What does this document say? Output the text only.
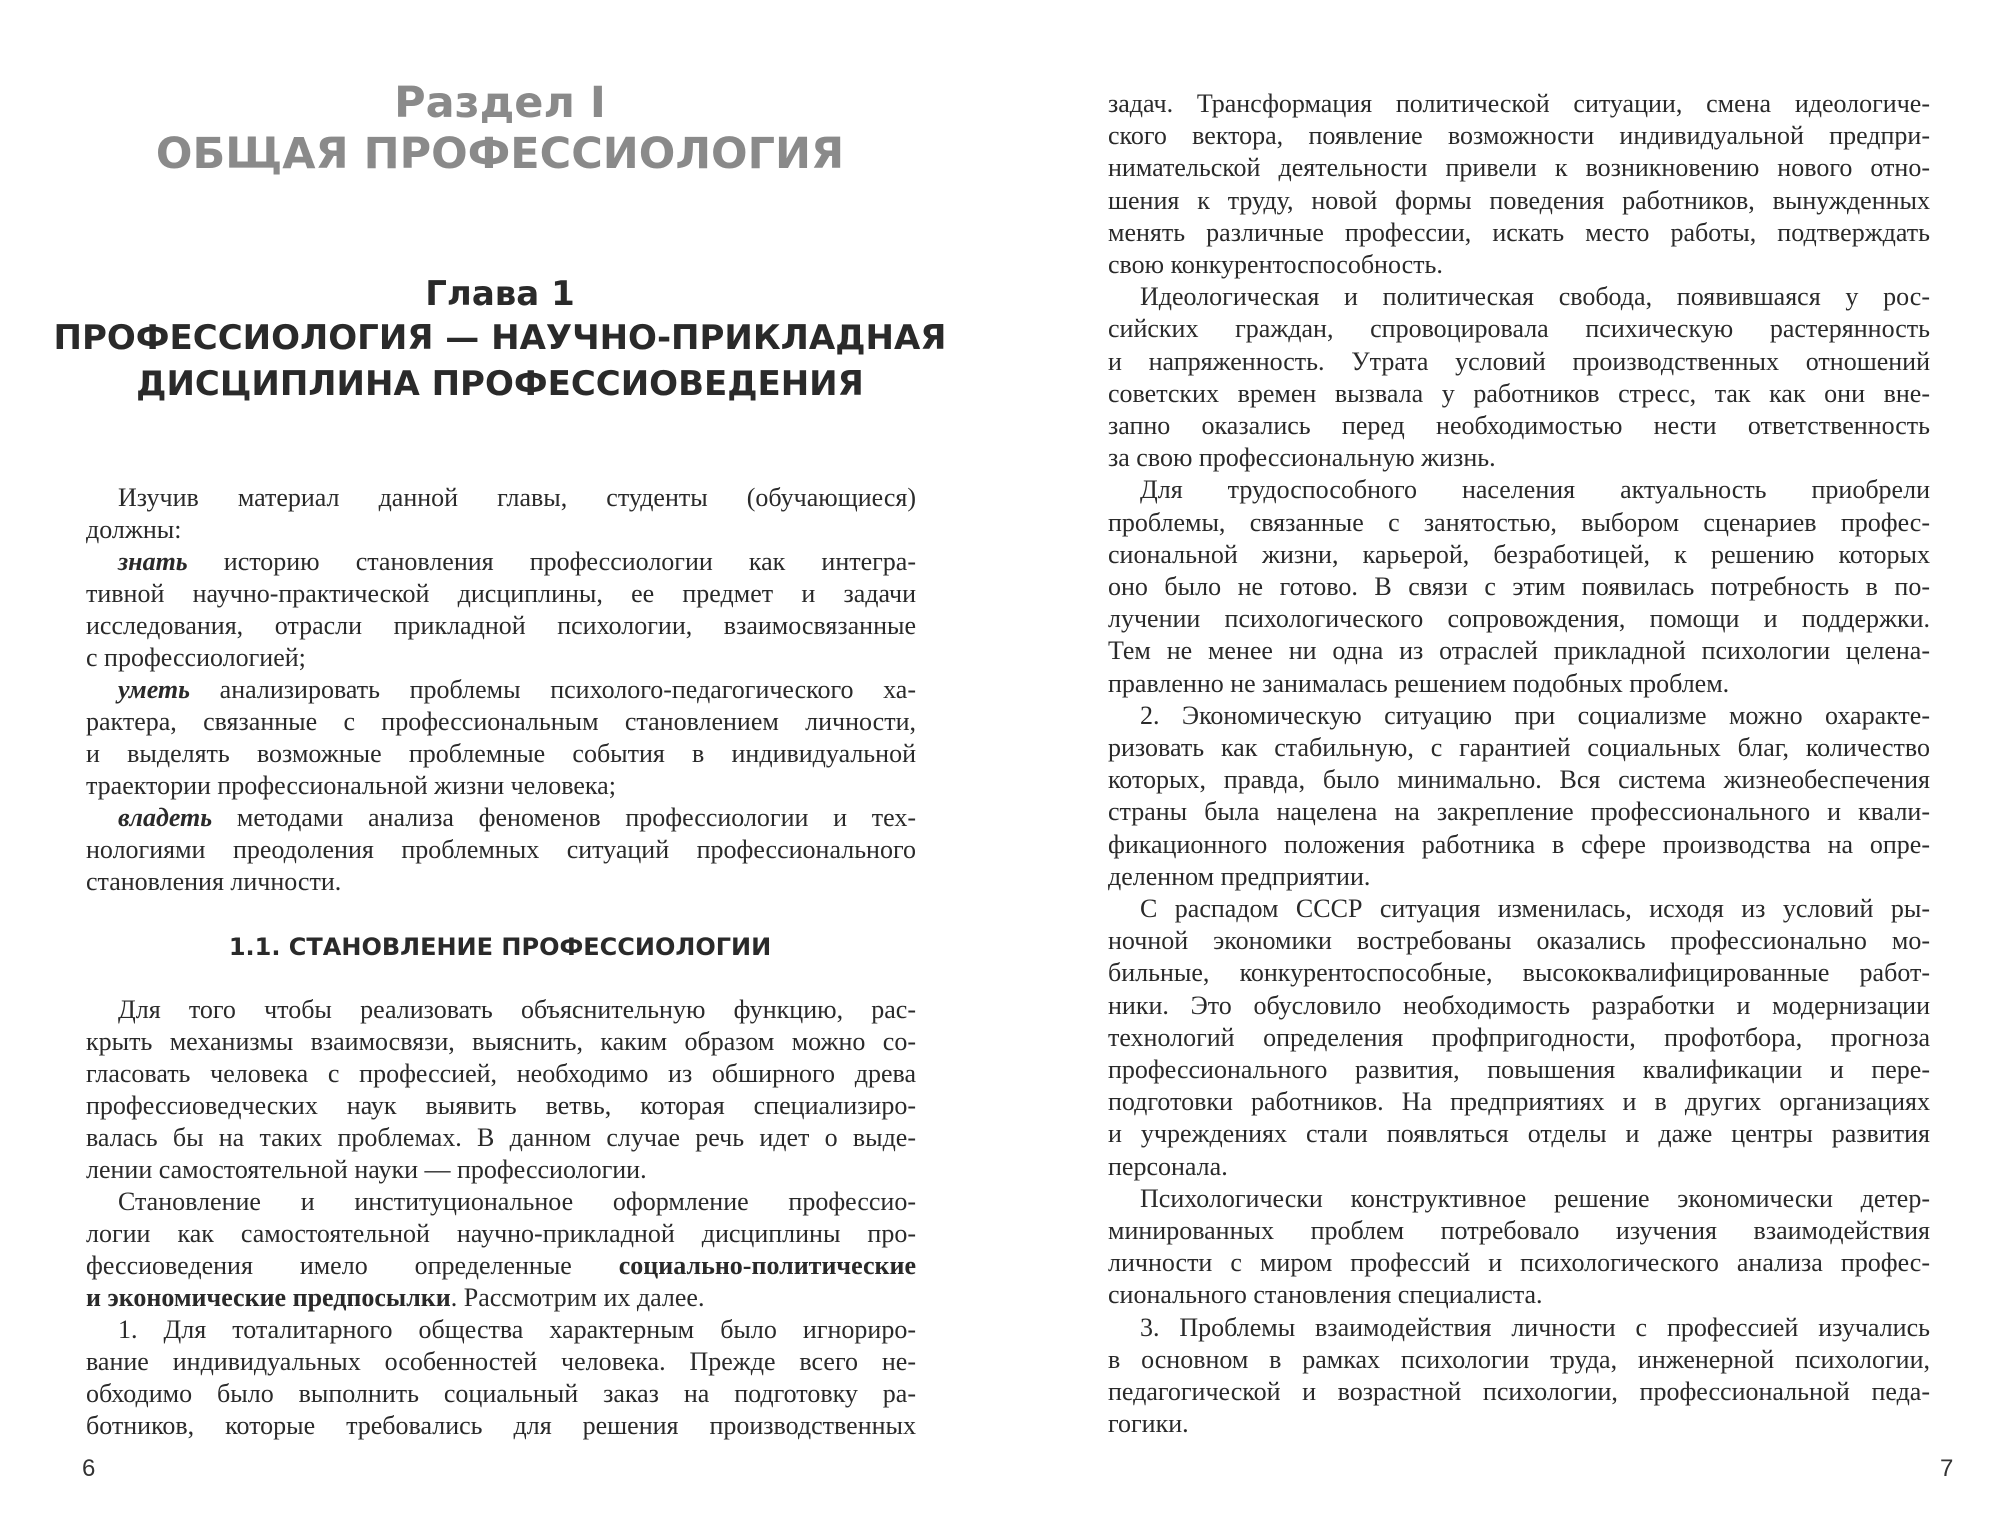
Раздел I
ОБЩАЯ ПРОФЕССИОЛОГИЯ
Глава 1
ПРОФЕССИОЛОГИЯ — НАУЧНО-ПРИКЛАДНАЯ
ДИСЦИПЛИНА ПРОФЕССИОВЕДЕНИЯ
Изучив материал данной главы, студенты (обучающиеся)
должны:
знать историю становления профессиологии как интегра-
тивной научно-практической дисциплины, ее предмет и задачи
исследования, отрасли прикладной психологии, взаимосвязанные
с профессиологией;
уметь анализировать проблемы психолого-педагогического ха-
рактера, связанные с профессиональным становлением личности,
и выделять возможные проблемные события в индивидуальной
траектории профессиональной жизни человека;
владеть методами анализа феноменов профессиологии и тех-
нологиями преодоления проблемных ситуаций профессионального
становления личности.
1.1. СТАНОВЛЕНИЕ ПРОФЕССИОЛОГИИ
Для того чтобы реализовать объяснительную функцию, рас-
крыть механизмы взаимосвязи, выяснить, каким образом можно со-
гласовать человека с профессией, необходимо из обширного древа
профессиоведческих наук выявить ветвь, которая специализиро-
валась бы на таких проблемах. В данном случае речь идет о выде-
лении самостоятельной науки — профессиологии.
Становление и институциональное оформление профессио-
логии как самостоятельной научно-прикладной дисциплины про-
фессиоведения имело определенные социально-политические
и экономические предпосылки. Рассмотрим их далее.
1. Для тоталитарного общества характерным было игнориро-
вание индивидуальных особенностей человека. Прежде всего не-
обходимо было выполнить социальный заказ на подготовку ра-
ботников, которые требовались для решения производственных
6
задач. Трансформация политической ситуации, смена идеологиче-
ского вектора, появление возможности индивидуальной предпри-
нимательской деятельности привели к возникновению нового отно-
шения к труду, новой формы поведения работников, вынужденных
менять различные профессии, искать место работы, подтверждать
свою конкурентоспособность.
Идеологическая и политическая свобода, появившаяся у рос-
сийских граждан, спровоцировала психическую растерянность
и напряженность. Утрата условий производственных отношений
советских времен вызвала у работников стресс, так как они вне-
запно оказались перед необходимостью нести ответственность
за свою профессиональную жизнь.
Для трудоспособного населения актуальность приобрели
проблемы, связанные с занятостью, выбором сценариев профес-
сиональной жизни, карьерой, безработицей, к решению которых
оно было не готово. В связи с этим появилась потребность в по-
лучении психологического сопровождения, помощи и поддержки.
Тем не менее ни одна из отраслей прикладной психологии целена-
правленно не занималась решением подобных проблем.
2. Экономическую ситуацию при социализме можно охаракте-
ризовать как стабильную, с гарантией социальных благ, количество
которых, правда, было минимально. Вся система жизнеобеспечения
страны была нацелена на закрепление профессионального и квали-
фикационного положения работника в сфере производства на опре-
деленном предприятии.
С распадом СССР ситуация изменилась, исходя из условий ры-
ночной экономики востребованы оказались профессионально мо-
бильные, конкурентоспособные, высококвалифицированные работ-
ники. Это обусловило необходимость разработки и модернизации
технологий определения профпригодности, профотбора, прогноза
профессионального развития, повышения квалификации и пере-
подготовки работников. На предприятиях и в других организациях
и учреждениях стали появляться отделы и даже центры развития
персонала.
Психологически конструктивное решение экономически детер-
минированных проблем потребовало изучения взаимодействия
личности с миром профессий и психологического анализа профес-
сионального становления специалиста.
3. Проблемы взаимодействия личности с профессией изучались
в основном в рамках психологии труда, инженерной психологии,
педагогической и возрастной психологии, профессиональной педа-
гогики.
7
